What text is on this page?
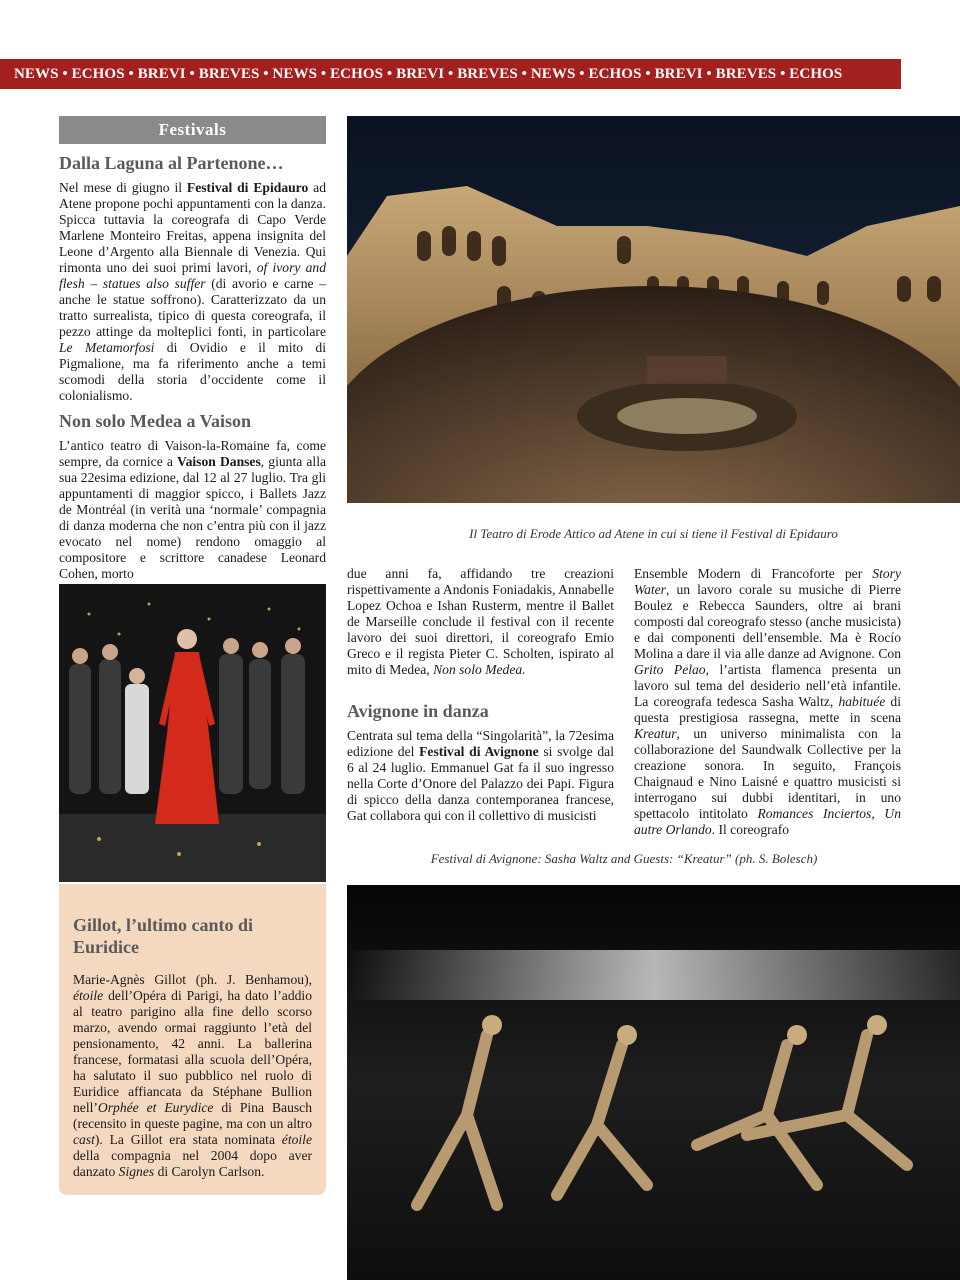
NEWS • ECHOS • BREVI • BREVES • NEWS • ECHOS • BREVI • BREVES • NEWS • ECHOS • BREVI • BREVES • ECHOS
Festivals
Dalla Laguna al Partenone…

Nel mese di giugno il Festival di Epidauro ad Atene propone pochi appuntamenti con la danza. Spicca tuttavia la coreografa di Capo Verde Marlene Monteiro Freitas, appena insignita del Leone d’Argento alla Biennale di Venezia. Qui rimonta uno dei suoi primi lavori, of ivory and flesh – statues also suffer (di avorio e carne – anche le statue soffrono). Caratterizzato da un tratto surrealista, tipico di questa coreografa, il pezzo attinge da molteplici fonti, in particolare Le Metamorfosi di Ovidio e il mito di Pigmalione, ma fa riferimento anche a temi scomodi della storia d’occidente come il colonialismo.

Non solo Medea a Vaison

L’antico teatro di Vaison-la-Romaine fa, come sempre, da cornice a Vaison Danses, giunta alla sua 22esima edizione, dal 12 al 27 luglio. Tra gli appuntamenti di maggior spicco, i Ballets Jazz de Montréal (in verità una ‘normale’ compagnia di danza moderna che non c’entra più con il jazz evocato nel nome) rendono omaggio al compositore e scrittore canadese Leonard Cohen, morto

Il Teatro di Erode Attico ad Atene in cui si tiene il Festival di Epidauro

due anni fa, affidando tre creazioni rispettivamente a Andonis Foniadakis, Annabelle Lopez Ochoa e Ishan Rusterm, mentre il Ballet de Marseille conclude il festival con il recente lavoro dei suoi direttori, il coreografo Emio Greco e il regista Pieter C. Scholten, ispirato al mito di Medea, Non solo Medea.

Avignone in danza

Centrata sul tema della “Singolarità”, la 72esima edizione del Festival di Avignone si svolge dal 6 al 24 luglio. Emmanuel Gat fa il suo ingresso nella Corte d’Onore del Palazzo dei Papi. Figura di spicco della danza contemporanea francese, Gat collabora qui con il collettivo di musicisti

Ensemble Modern di Francoforte per Story Water, un lavoro corale su musiche di Pierre Boulez e Rebecca Saunders, oltre ai brani composti dal coreografo stesso (anche musicista) e dai componenti dell’ensemble. Ma è Rocío Molina a dare il via alle danze ad Avignone. Con Grito Pelao, l’artista flamenca presenta un lavoro sul tema del desiderio nell’età infantile. La coreografa tedesca Sasha Waltz, habituée di questa prestigiosa rassegna, mette in scena Kreatur, un universo minimalista con la collaborazione del Saundwalk Collective per la creazione sonora. In seguito, François Chaignaud e Nino Laisné e quattro musicisti si interrogano sui dubbi identitari, in uno spettacolo intitolato Romances Inciertos, Un autre Orlando. Il coreografo

Festival di Avignone: Sasha Waltz and Guests: “Kreatur” (ph. S. Bolesch)
Gillot, l’ultimo canto di Euridice

Marie-Agnès Gillot (ph. J. Benhamou), étoile dell’Opéra di Parigi, ha dato l’addio al teatro parigino alla fine dello scorso marzo, avendo ormai raggiunto l’età del pensionamento, 42 anni. La ballerina francese, formatasi alla scuola dell’Opéra, ha salutato il suo pubblico nel ruolo di Euridice affiancata da Stéphane Bullion nell’Orphée et Eurydice di Pina Bausch (recensito in queste pagine, ma con un altro cast). La Gillot era stata nominata étoile della compagnia nel 2004 dopo aver danzato Signes di Carolyn Carlson.
